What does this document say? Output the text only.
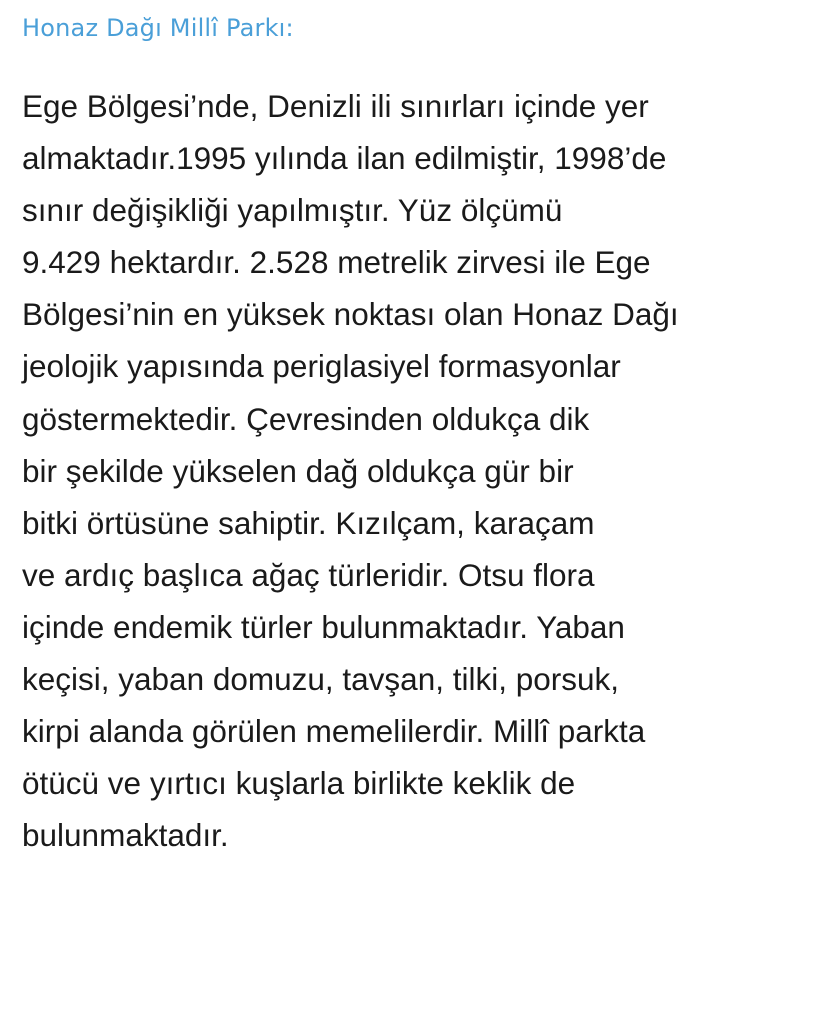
Honaz Dağı Millî Parkı:
Ege Bölgesi’nde, Denizli ili sınırları içinde yer
almaktadır.1995 yılında ilan edilmiştir, 1998’de
sınır değişikliği yapılmıştır. Yüz ölçümü
9.429 hektardır. 2.528 metrelik zirvesi ile Ege
Bölgesi’nin en yüksek noktası olan Honaz Dağı
jeolojik yapısında periglasiyel formasyonlar
göstermektedir. Çevresinden oldukça dik
bir şekilde yükselen dağ oldukça gür bir
bitki örtüsüne sahiptir. Kızılçam, karaçam
ve ardıç başlıca ağaç türleridir. Otsu flora
içinde endemik türler bulunmaktadır. Yaban
keçisi, yaban domuzu, tavşan, tilki, porsuk,
kirpi alanda görülen memelilerdir. Millî parkta
ötücü ve yırtıcı kuşlarla birlikte keklik de
bulunmaktadır.
